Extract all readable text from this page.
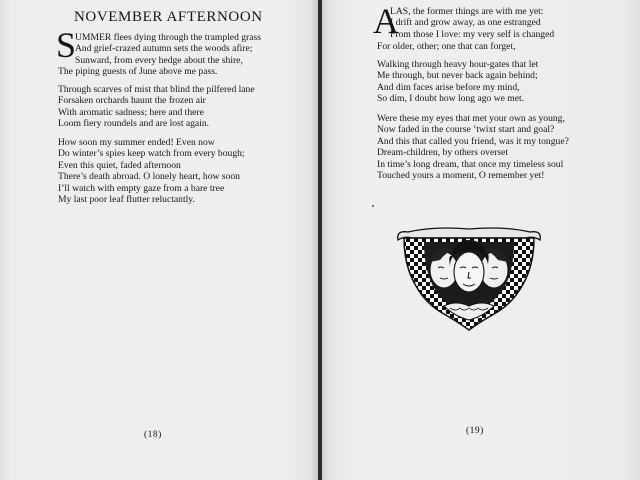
NOVEMBER AFTERNOON
S
UMMER flees dying through the trampled grass
And grief-crazed autumn sets the woods afire;
Sunward, from every hedge about the shire,
The piping guests of June above me pass.
Through scarves of mist that blind the pilfered lane
Forsaken orchards haunt the frozen air
With aromatic sadness; here and there
Loom fiery roundels and are lost again.
How soon my summer ended! Even now
Do winter’s spies keep watch from every bough;
Even this quiet, faded afternoon
There’s death abroad. O lonely heart, how soon
I’ll watch with empty gaze from a bare tree
My last poor leaf flutter reluctantly.
(18)
A
LAS, the former things are with me yet:
I drift and grow away, as one estranged
From those I love: my very self is changed
For older, other; one that can forget,
Walking through heavy hour-gates that let
Me through, but never back again behind;
And dim faces arise before my mind,
So dim, I doubt how long ago we met.
Were these my eyes that met your own as young,
Now faded in the course ’twixt start and goal?
And this that called you friend, was it my tongue?
Dream-children, by others overset
In time’s long dream, that once my timeless soul
Touched yours a moment, O remember yet!
(19)
